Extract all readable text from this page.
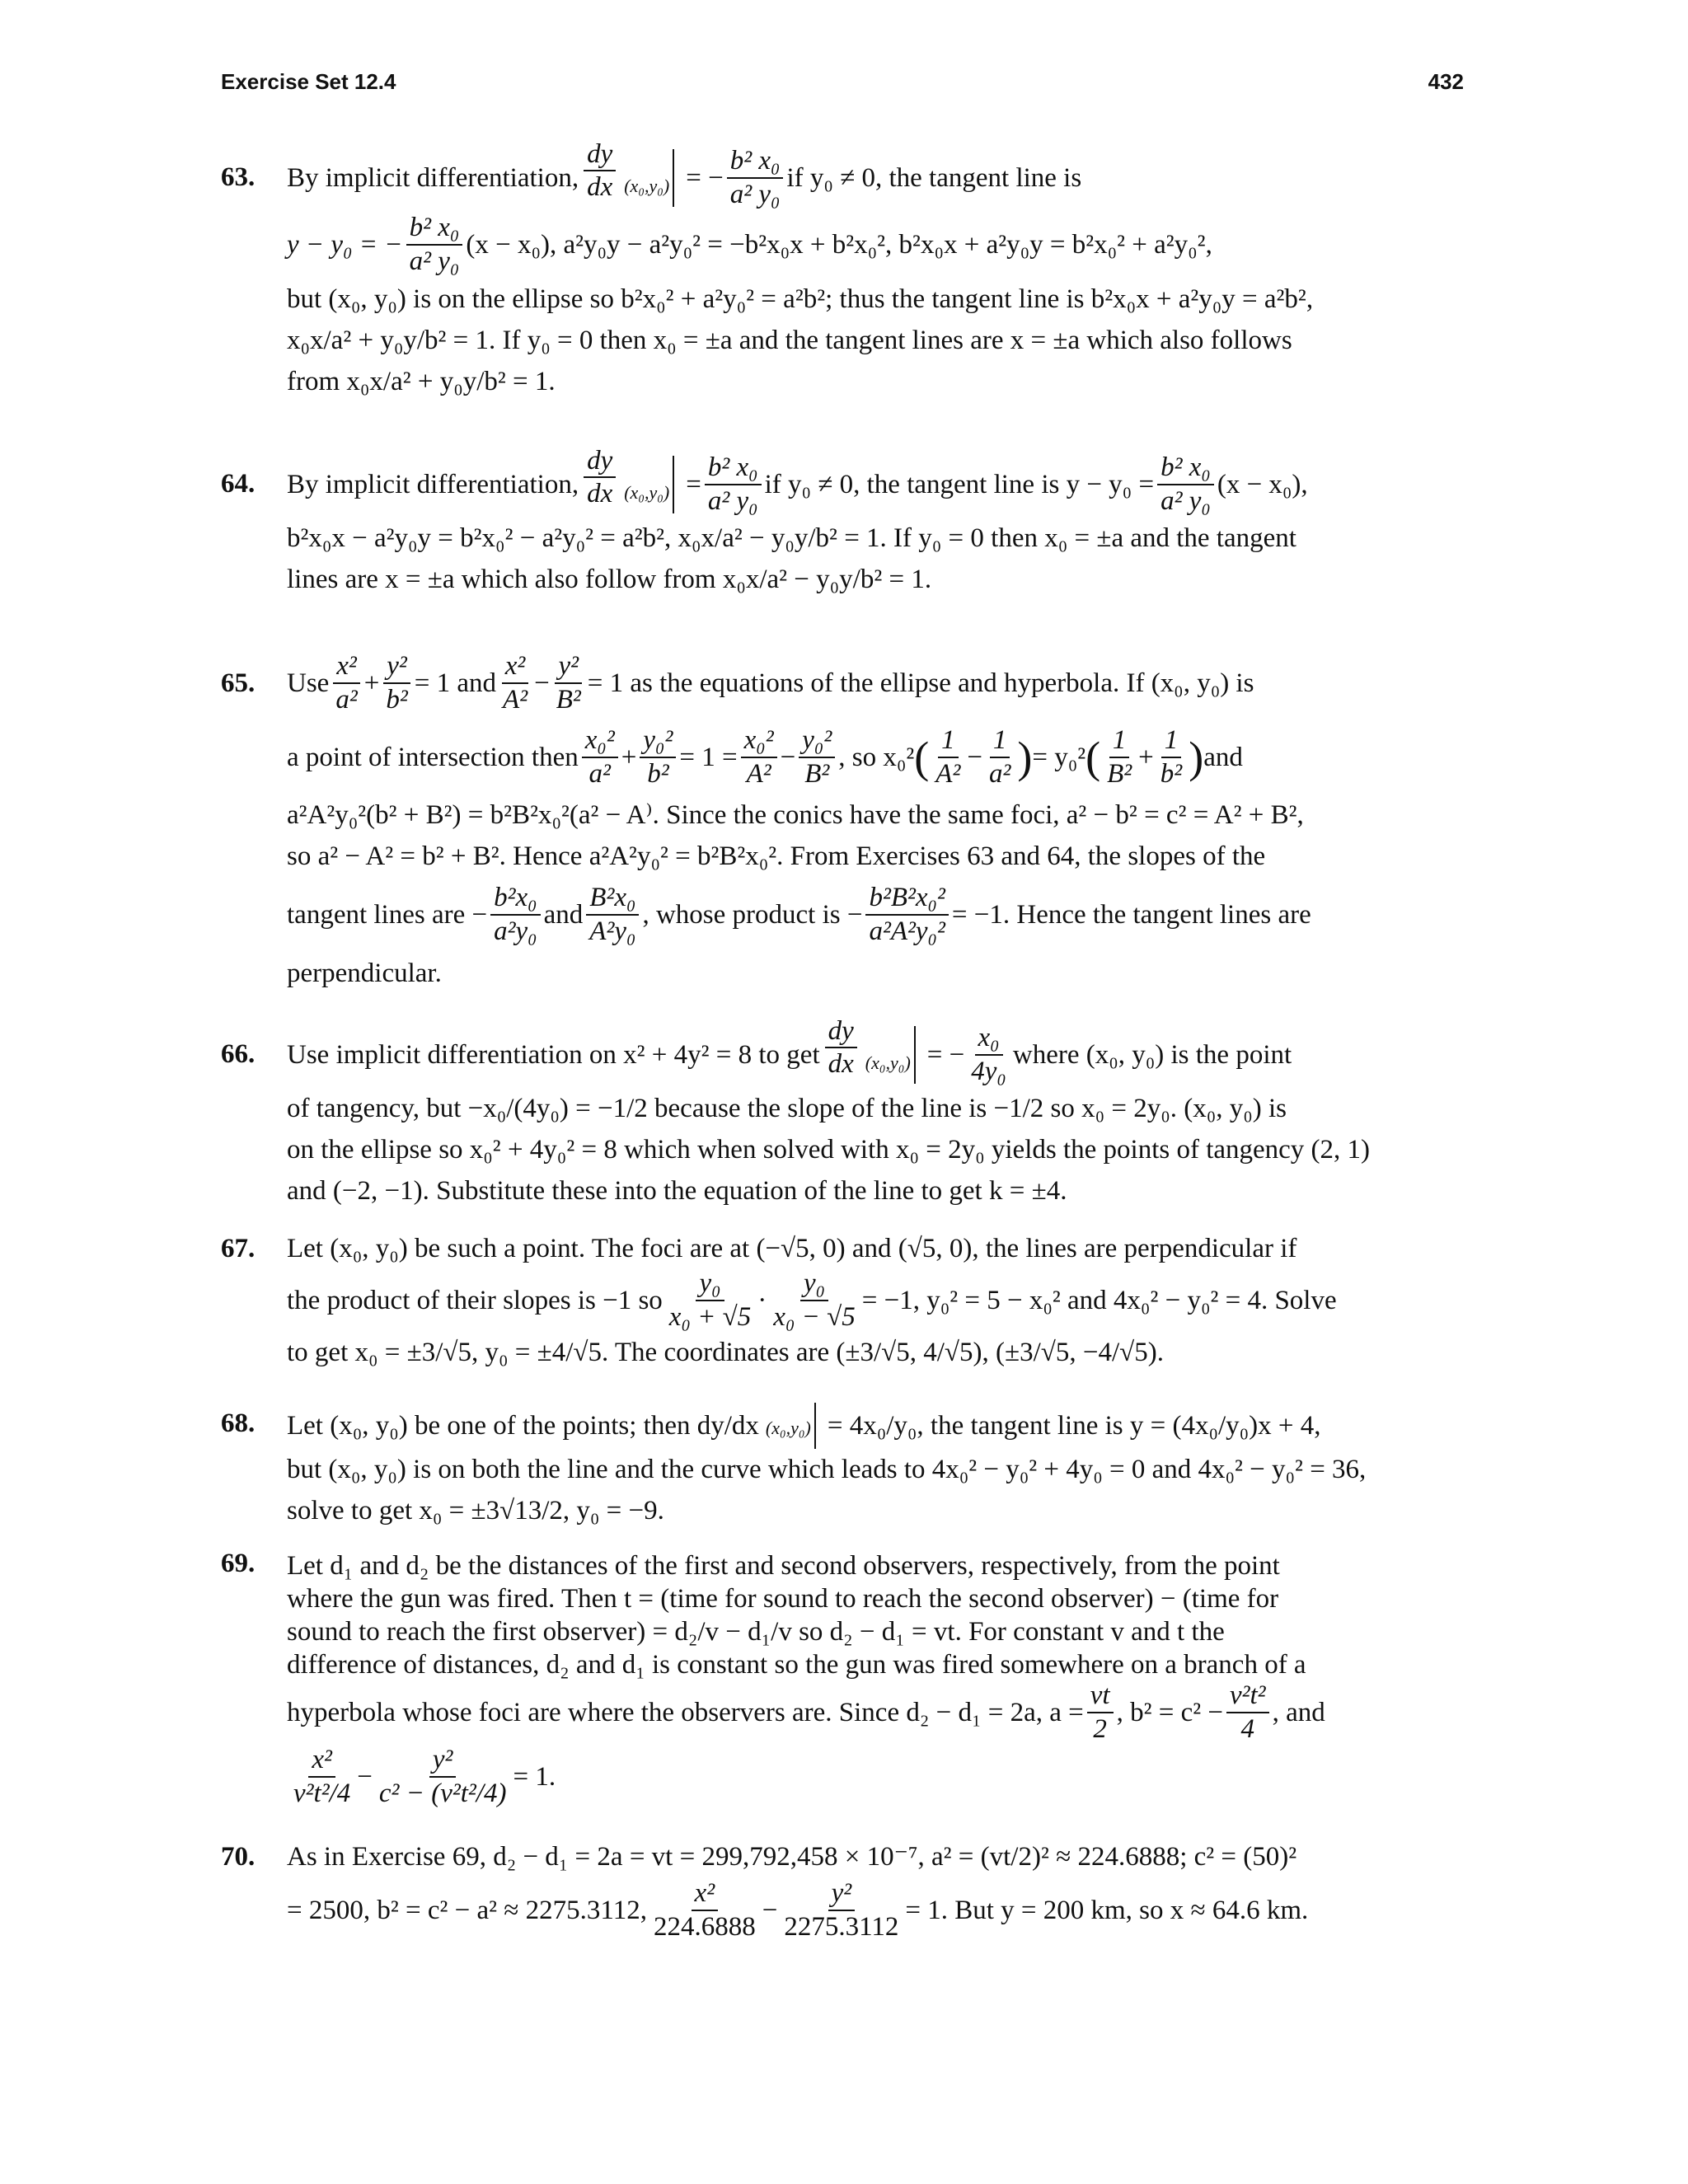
Exercise Set 12.4	432
63. By implicit differentiation, $\frac{dy}{dx} (x_0,y_0)$ = − $\frac{\text{b² x₀}}{\text{a² y₀}}$ if y₀ ≠ 0, the tangent line is
y − y₀ = − $\frac{\text{b² x₀}}{\text{a² y₀}} (x - x_0)$, a²y₀y − a²y₀² = −b²x₀x + b²x₀², b²x₀x + a²y₀y = b²x₀² + a²y₀²,
but (x₀, y₀) is on the ellipse so b²x₀² + a²y₀² = a²b²; thus the tangent line is b²x₀x + a²y₀y = a²b²,
x₀x/a² + y₀y/b² = 1. If y₀ = 0 then x₀ = ±a and the tangent lines are x = ±a which also follows
from x₀x/a² + y₀y/b² = 1.
64. By implicit differentiation, $\frac{dy}{dx} (x_0,y_0) = \frac{\text{b² x₀}}{\text{a² y₀}}$ if y₀ ≠ 0, the tangent line is $y - y_0 = \frac{\text{b² x₀}}{\text{a² y₀}} (x - x_0)$,
b²x₀x − a²y₀y = b²x₀² − a²y₀² = a²b², x₀x/a² − y₀y/b² = 1. If y₀ = 0 then x₀ = ±a and the tangent
lines are x = ±a which also follow from x₀x/a² − y₀y/b² = 1.
65. Use $\frac{\text{x²}}{\text{a²}} + \frac{\text{y²}}{\text{b²}} = 1$ and $\frac{\text{x²}}{\text{A²}} - \frac{\text{y²}}{\text{B²}} = 1$ as the equations of the ellipse and hyperbola. If (x₀, y₀) is
a point of intersection then $\frac{\text{x₀²}}{\text{a²}} + \frac{\text{y₀²}}{\text{b²}} = 1 = \frac{\text{x₀²}}{\text{A²}} - \frac{\text{y₀²}}{\text{B²}}$ , so x₀² ( $\frac{1}{\text{A²}} - \frac{1}{\text{a²}}$ ) = y₀² ( $\frac{1}{\text{B²}} + \frac{1}{\text{b²}}$ ) and
a²A²y₀²(b² + B²) = b²B²x₀²(a² − A⁾. Since the conics have the same foci, a² − b² = c² = A² + B²,
so a² − A² = b² + B². Hence a²A²y₀² = b²B²x₀². From Exercises 63 and 64, the slopes of the
tangent lines are − $\frac{\text{b²x₀}}{\text{a²y₀}}$ and $\frac{\text{B²x₀}}{\text{A²y₀}}$ , whose product is − $\frac{\text{b²B²x₀²}}{\text{a²A²y₀²}} = -1$. Hence the tangent lines are
perpendicular.
66. Use implicit differentiation on x² + 4y² = 8 to get $\frac{dy}{dx} (x_0,y_0)$ = − $\frac{\text{x₀}}{\text{4y₀}}$ where (x₀, y₀) is the point
of tangency, but −x₀/(4y₀) = −1/2 because the slope of the line is −1/2 so x₀ = 2y₀. (x₀, y₀) is
on the ellipse so x₀² + 4y₀² = 8 which when solved with x₀ = 2y₀ yields the points of tangency (2, 1)
and (−2, −1). Substitute these into the equation of the line to get k = ±4.
67. Let (x₀, y₀) be such a point. The foci are at (−√5, 0) and (√5, 0), the lines are perpendicular if
the product of their slopes is −1 so $\frac{\text{y₀}}{\text{x₀ + √5}} \cdot \frac{\text{y₀}}{\text{x₀ − √5}} = -1$, y₀² = 5 − x₀² and 4x₀² − y₀² = 4. Solve
to get x₀ = ±3/√5, y₀ = ±4/√5. The coordinates are (±3/√5, 4/√5), (±3/√5, −4/√5).
68. Let (x₀, y₀) be one of the points; then dy/dx (x₀,y₀) = 4x₀/y₀, the tangent line is y = (4x₀/y₀)x + 4,
but (x₀, y₀) is on both the line and the curve which leads to 4x₀² − y₀² + 4y₀ = 0 and 4x₀² − y₀² = 36,
solve to get x₀ = ±3√13/2, y₀ = −9.
69. Let d₁ and d₂ be the distances of the first and second observers, respectively, from the point
where the gun was fired. Then t = (time for sound to reach the second observer) − (time for
sound to reach the first observer) = d₂/v − d₁/v so d₂ − d₁ = vt. For constant v and t the
difference of distances, d₂ and d₁ is constant so the gun was fired somewhere on a branch of a
hyperbola whose foci are where the observers are. Since d₂ − d₁ = 2a, $a = \frac{vt}{2}$ , $b^2 = c^2 - \frac{\text{v²t²}}{4}$ , and
$\frac{\text{x²}}{\text{v²t²/4}} - \frac{\text{y²}}{\text{c² − (v²t²/4)}} = 1$.
70. As in Exercise 69, d₂ − d₁ = 2a = vt = 299,792,458 × 10⁻⁷, a² = (vt/2)² ≈ 224.6888; c² = (50)²
= 2500, b² = c² − a² ≈ 2275.3112, $\frac{\text{x²}}{224.6888} - \frac{\text{y²}}{2275.3112} = 1$. But y = 200 km, so x ≈ 64.6 km.
